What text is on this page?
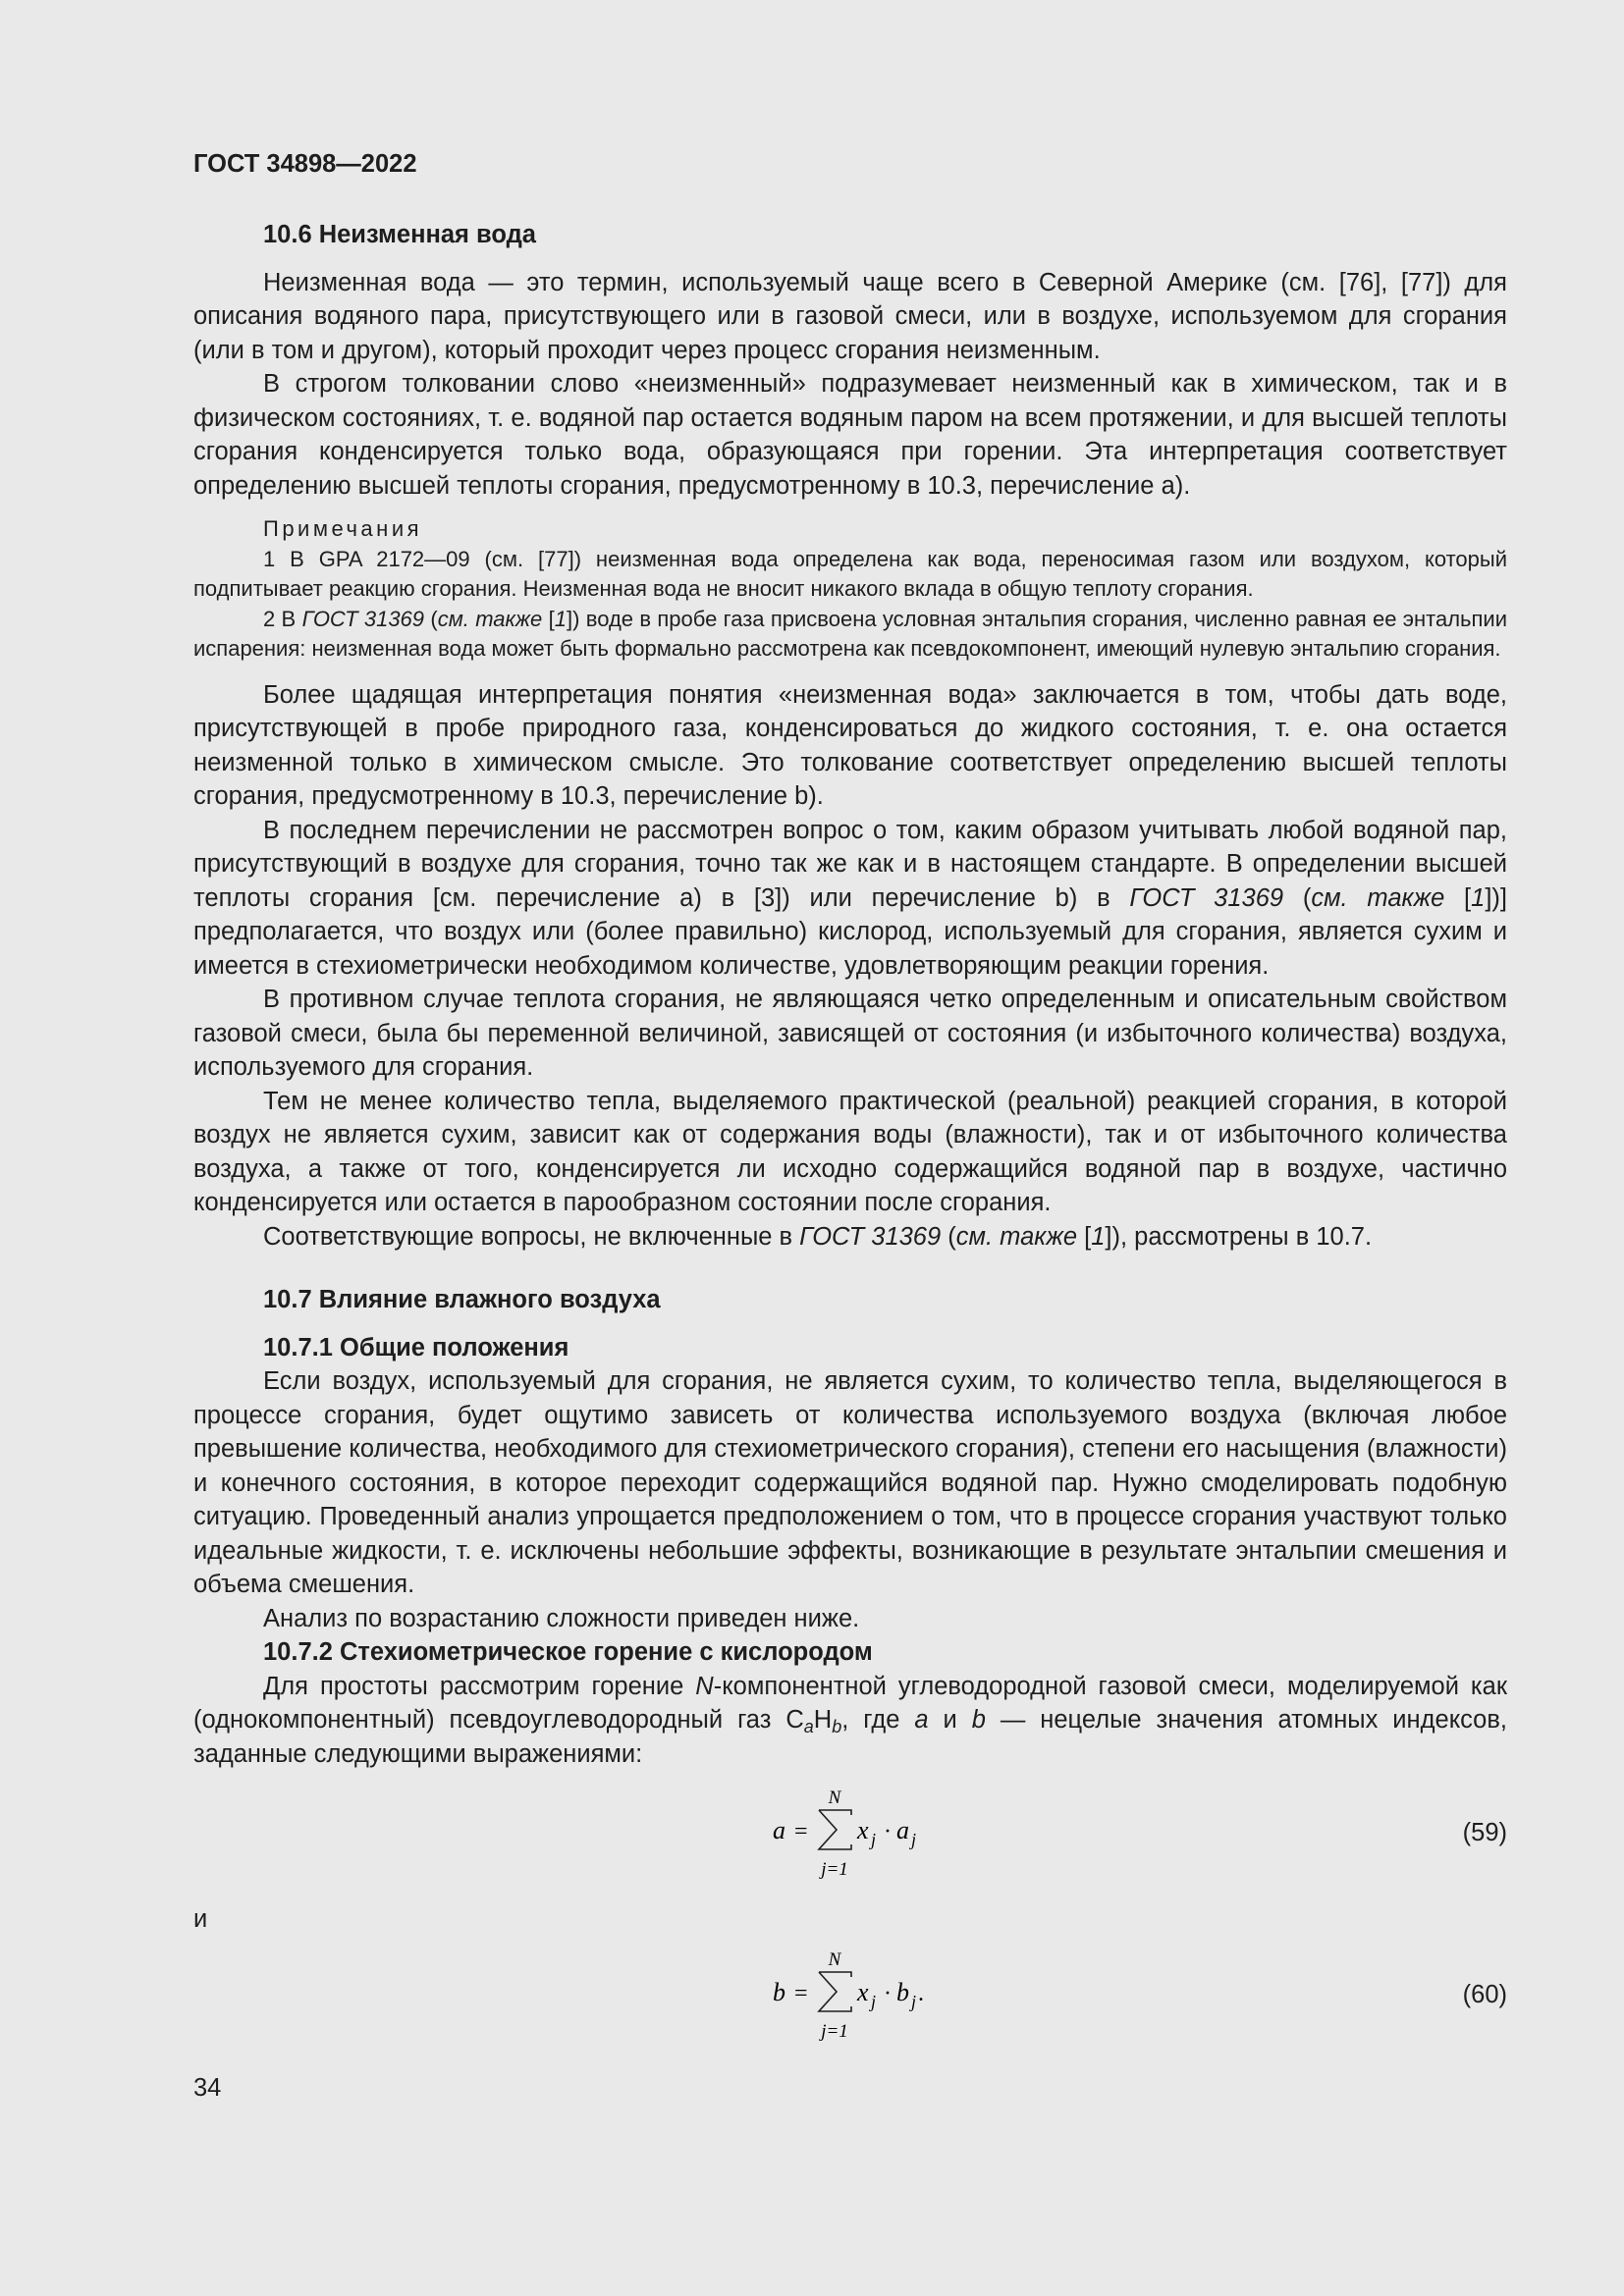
ГОСТ 34898—2022
10.6 Неизменная вода

Неизменная вода — это термин, используемый чаще всего в Северной Америке (см. [76], [77]) для описания водяного пара, присутствующего или в газовой смеси, или в воздухе, используемом для сгорания (или в том и другом), который проходит через процесс сгорания неизменным.

В строгом толковании слово «неизменный» подразумевает неизменный как в химическом, так и в физическом состояниях, т. е. водяной пар остается водяным паром на всем протяжении, и для высшей теплоты сгорания конденсируется только вода, образующаяся при горении. Эта интерпретация соответствует определению высшей теплоты сгорания, предусмотренному в 10.3, перечисление а).

Примечания

1 В GPA 2172—09 (см. [77]) неизменная вода определена как вода, переносимая газом или воздухом, который подпитывает реакцию сгорания. Неизменная вода не вносит никакого вклада в общую теплоту сгорания.

2 В ГОСТ 31369 (см. также [1]) воде в пробе газа присвоена условная энтальпия сгорания, численно равная ее энтальпии испарения: неизменная вода может быть формально рассмотрена как псевдокомпонент, имеющий нулевую энтальпию сгорания.

Более щадящая интерпретация понятия «неизменная вода» заключается в том, чтобы дать воде, присутствующей в пробе природного газа, конденсироваться до жидкого состояния, т. е. она остается неизменной только в химическом смысле. Это толкование соответствует определению высшей теплоты сгорания, предусмотренному в 10.3, перечисление b).

В последнем перечислении не рассмотрен вопрос о том, каким образом учитывать любой водяной пар, присутствующий в воздухе для сгорания, точно так же как и в настоящем стандарте. В определении высшей теплоты сгорания [см. перечисление а) в [3]) или перечисление b) в ГОСТ 31369 (см. также [1])] предполагается, что воздух или (более правильно) кислород, используемый для сгорания, является сухим и имеется в стехиометрически необходимом количестве, удовлетворяющим реакции горения.

В противном случае теплота сгорания, не являющаяся четко определенным и описательным свойством газовой смеси, была бы переменной величиной, зависящей от состояния (и избыточного количества) воздуха, используемого для сгорания.

Тем не менее количество тепла, выделяемого практической (реальной) реакцией сгорания, в которой воздух не является сухим, зависит как от содержания воды (влажности), так и от избыточного количества воздуха, а также от того, конденсируется ли исходно содержащийся водяной пар в воздухе, частично конденсируется или остается в парообразном состоянии после сгорания.

Соответствующие вопросы, не включенные в ГОСТ 31369 (см. также [1]), рассмотрены в 10.7.

10.7 Влияние влажного воздуха
10.7.1 Общие положения

Если воздух, используемый для сгорания, не является сухим, то количество тепла, выделяющегося в процессе сгорания, будет ощутимо зависеть от количества используемого воздуха (включая любое превышение количества, необходимого для стехиометрического сгорания), степени его насыщения (влажности) и конечного состояния, в которое переходит содержащийся водяной пар. Нужно смоделировать подобную ситуацию. Проведенный анализ упрощается предположением о том, что в процессе сгорания участвуют только идеальные жидкости, т. е. исключены небольшие эффекты, возникающие в результате энтальпии смешения и объема смешения.

Анализ по возрастанию сложности приведен ниже.

10.7.2 Стехиометрическое горение с кислородом

Для простоты рассмотрим горение N-компонентной углеводородной газовой смеси, моделируемой как (однокомпонентный) псевдоуглеводородный газ $C_aH_b$, где a и b — нецелые значения атомных индексов, заданные следующими выражениями:

a =
N
j=1
x j · a j	(59)
и
b =
N
j=1
x j · b j .	(60)
34
